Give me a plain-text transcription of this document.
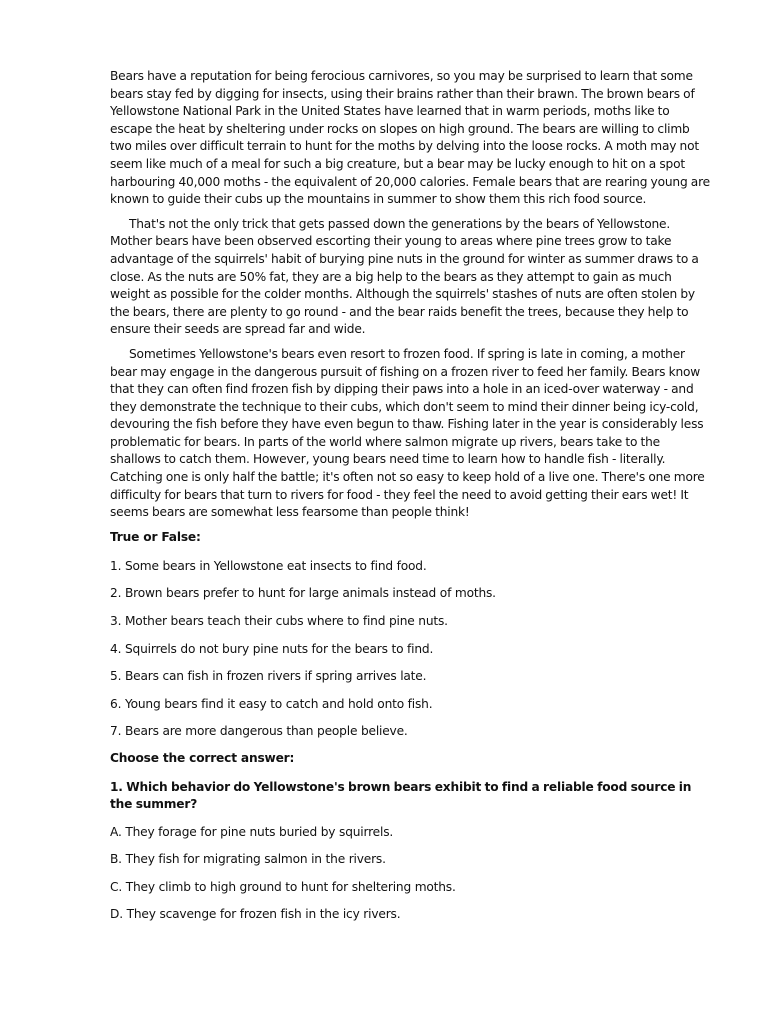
Bears have a reputation for being ferocious carnivores, so you may be surprised to learn that some bears stay fed by digging for insects, using their brains rather than their brawn. The brown bears of Yellowstone National Park in the United States have learned that in warm periods, moths like to escape the heat by sheltering under rocks on slopes on high ground. The bears are willing to climb two miles over difficult terrain to hunt for the moths by delving into the loose rocks. A moth may not seem like much of a meal for such a big creature, but a bear may be lucky enough to hit on a spot harbouring 40,000 moths - the equivalent of 20,000 calories. Female bears that are rearing young are known to guide their cubs up the mountains in summer to show them this rich food source.

That's not the only trick that gets passed down the generations by the bears of Yellowstone. Mother bears have been observed escorting their young to areas where pine trees grow to take advantage of the squirrels' habit of burying pine nuts in the ground for winter as summer draws to a close. As the nuts are 50% fat, they are a big help to the bears as they attempt to gain as much weight as possible for the colder months. Although the squirrels' stashes of nuts are often stolen by the bears, there are plenty to go round - and the bear raids benefit the trees, because they help to ensure their seeds are spread far and wide.

Sometimes Yellowstone's bears even resort to frozen food. If spring is late in coming, a mother bear may engage in the dangerous pursuit of fishing on a frozen river to feed her family. Bears know that they can often find frozen fish by dipping their paws into a hole in an iced-over waterway - and they demonstrate the technique to their cubs, which don't seem to mind their dinner being icy-cold, devouring the fish before they have even begun to thaw. Fishing later in the year is considerably less problematic for bears. In parts of the world where salmon migrate up rivers, bears take to the shallows to catch them. However, young bears need time to learn how to handle fish - literally. Catching one is only half the battle; it's often not so easy to keep hold of a live one. There's one more difficulty for bears that turn to rivers for food - they feel the need to avoid getting their ears wet! It seems bears are somewhat less fearsome than people think!

True or False:
1. Some bears in Yellowstone eat insects to find food.
2. Brown bears prefer to hunt for large animals instead of moths.
3. Mother bears teach their cubs where to find pine nuts.
4. Squirrels do not bury pine nuts for the bears to find.
5. Bears can fish in frozen rivers if spring arrives late.
6. Young bears find it easy to catch and hold onto fish.
7. Bears are more dangerous than people believe.
Choose the correct answer:
1. Which behavior do Yellowstone's brown bears exhibit to find a reliable food source in the summer?
A. They forage for pine nuts buried by squirrels.
B. They fish for migrating salmon in the rivers.
C. They climb to high ground to hunt for sheltering moths.
D. They scavenge for frozen fish in the icy rivers.
